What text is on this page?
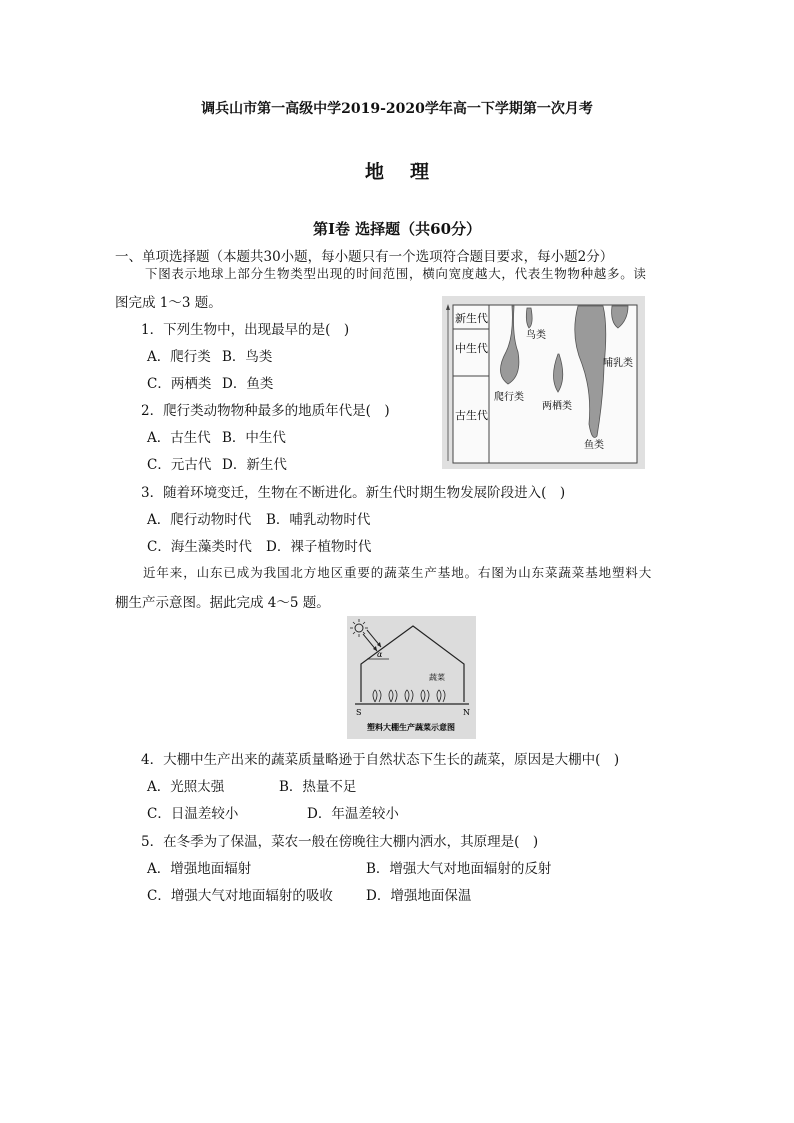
调兵山市第一高级中学2019-2020学年高一下学期第一次月考
地理
第Ⅰ卷 选择题（共60分）
一、单项选择题（本题共30小题，每小题只有一个选项符合题目要求，每小题2分）
下图表示地球上部分生物类型出现的时间范围，横向宽度越大，代表生物物种越多。读
图完成 1～3 题。
新生代
中生代
古生代
鸟类
哺乳类
爬行类
两栖类
鱼类
1．下列生物中，出现最早的是(　)
A．爬行类 B．鸟类
C．两栖类 D．鱼类
2．爬行类动物物种最多的地质年代是(　)
A．古生代 B．中生代
C．元古代 D．新生代
3．随着环境变迁，生物在不断进化。新生代时期生物发展阶段进入(　)
A．爬行动物时代 B．哺乳动物时代
C．海生藻类时代 D．裸子植物时代
近年来，山东已成为我国北方地区重要的蔬菜生产基地。右图为山东菜蔬菜基地塑料大
棚生产示意图。据此完成 4～5 题。
α
蔬菜
S	N
塑料大棚生产蔬菜示意图
4．大棚中生产出来的蔬菜质量略逊于自然状态下生长的蔬菜，原因是大棚中(　)
A．光照太强	B．热量不足
C．日温差较小	D．年温差较小
5．在冬季为了保温，菜农一般在傍晚往大棚内洒水，其原理是(　)
A．增强地面辐射	B．增强大气对地面辐射的反射
C．增强大气对地面辐射的吸收 D．增强地面保温
